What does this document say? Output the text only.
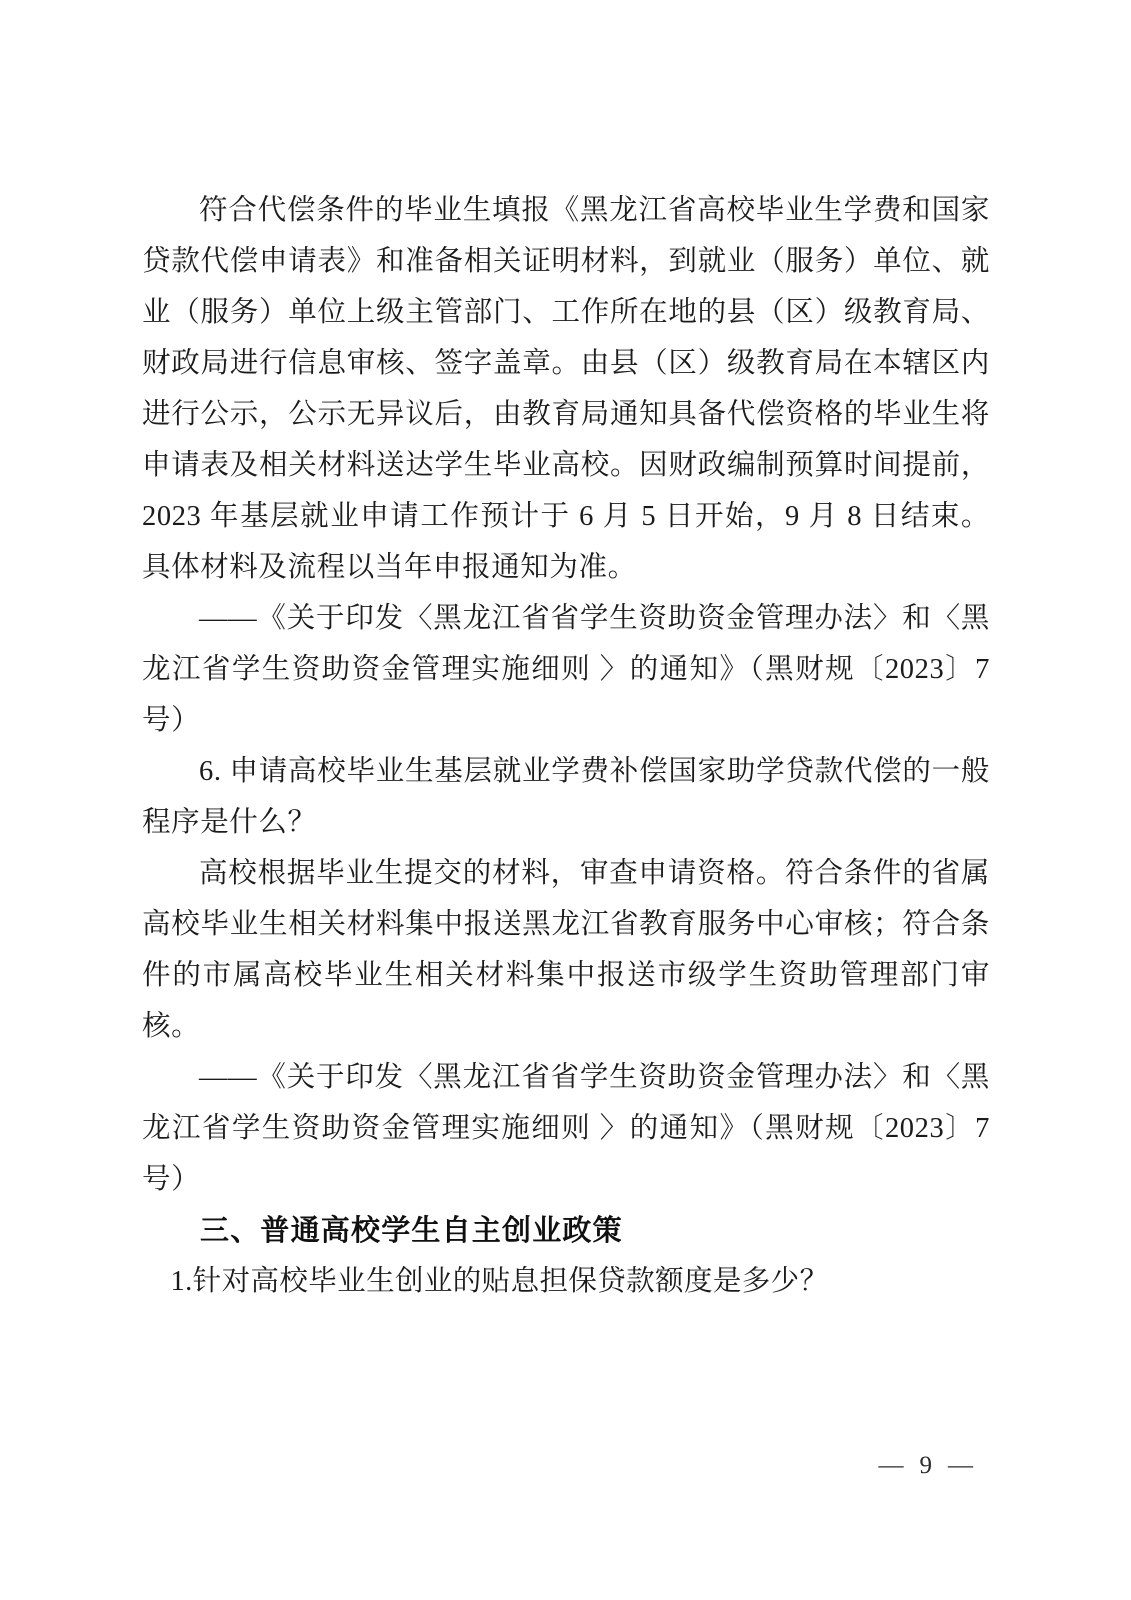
符合代偿条件的毕业生填报《黑龙江省高校毕业生学费和国家贷款代偿申请表》和准备相关证明材料，到就业（服务）单位、就业（服务）单位上级主管部门、工作所在地的县（区）级教育局、财政局进行信息审核、签字盖章。由县（区）级教育局在本辖区内进行公示，公示无异议后，由教育局通知具备代偿资格的毕业生将申请表及相关材料送达学生毕业高校。因财政编制预算时间提前，2023 年基层就业申请工作预计于 6 月 5 日开始，9 月 8 日结束。具体材料及流程以当年申报通知为准。

——《关于印发〈黑龙江省省学生资助资金管理办法〉和〈黑龙江省学生资助资金管理实施细则 〉的通知》（黑财规〔2023〕7 号）

6. 申请高校毕业生基层就业学费补偿国家助学贷款代偿的一般程序是什么？

高校根据毕业生提交的材料，审查申请资格。符合条件的省属高校毕业生相关材料集中报送黑龙江省教育服务中心审核；符合条件的市属高校毕业生相关材料集中报送市级学生资助管理部门审核。

——《关于印发〈黑龙江省省学生资助资金管理办法〉和〈黑龙江省学生资助资金管理实施细则 〉的通知》（黑财规〔2023〕7 号）

三、普通高校学生自主创业政策

1.针对高校毕业生创业的贴息担保贷款额度是多少？

— 9 —
